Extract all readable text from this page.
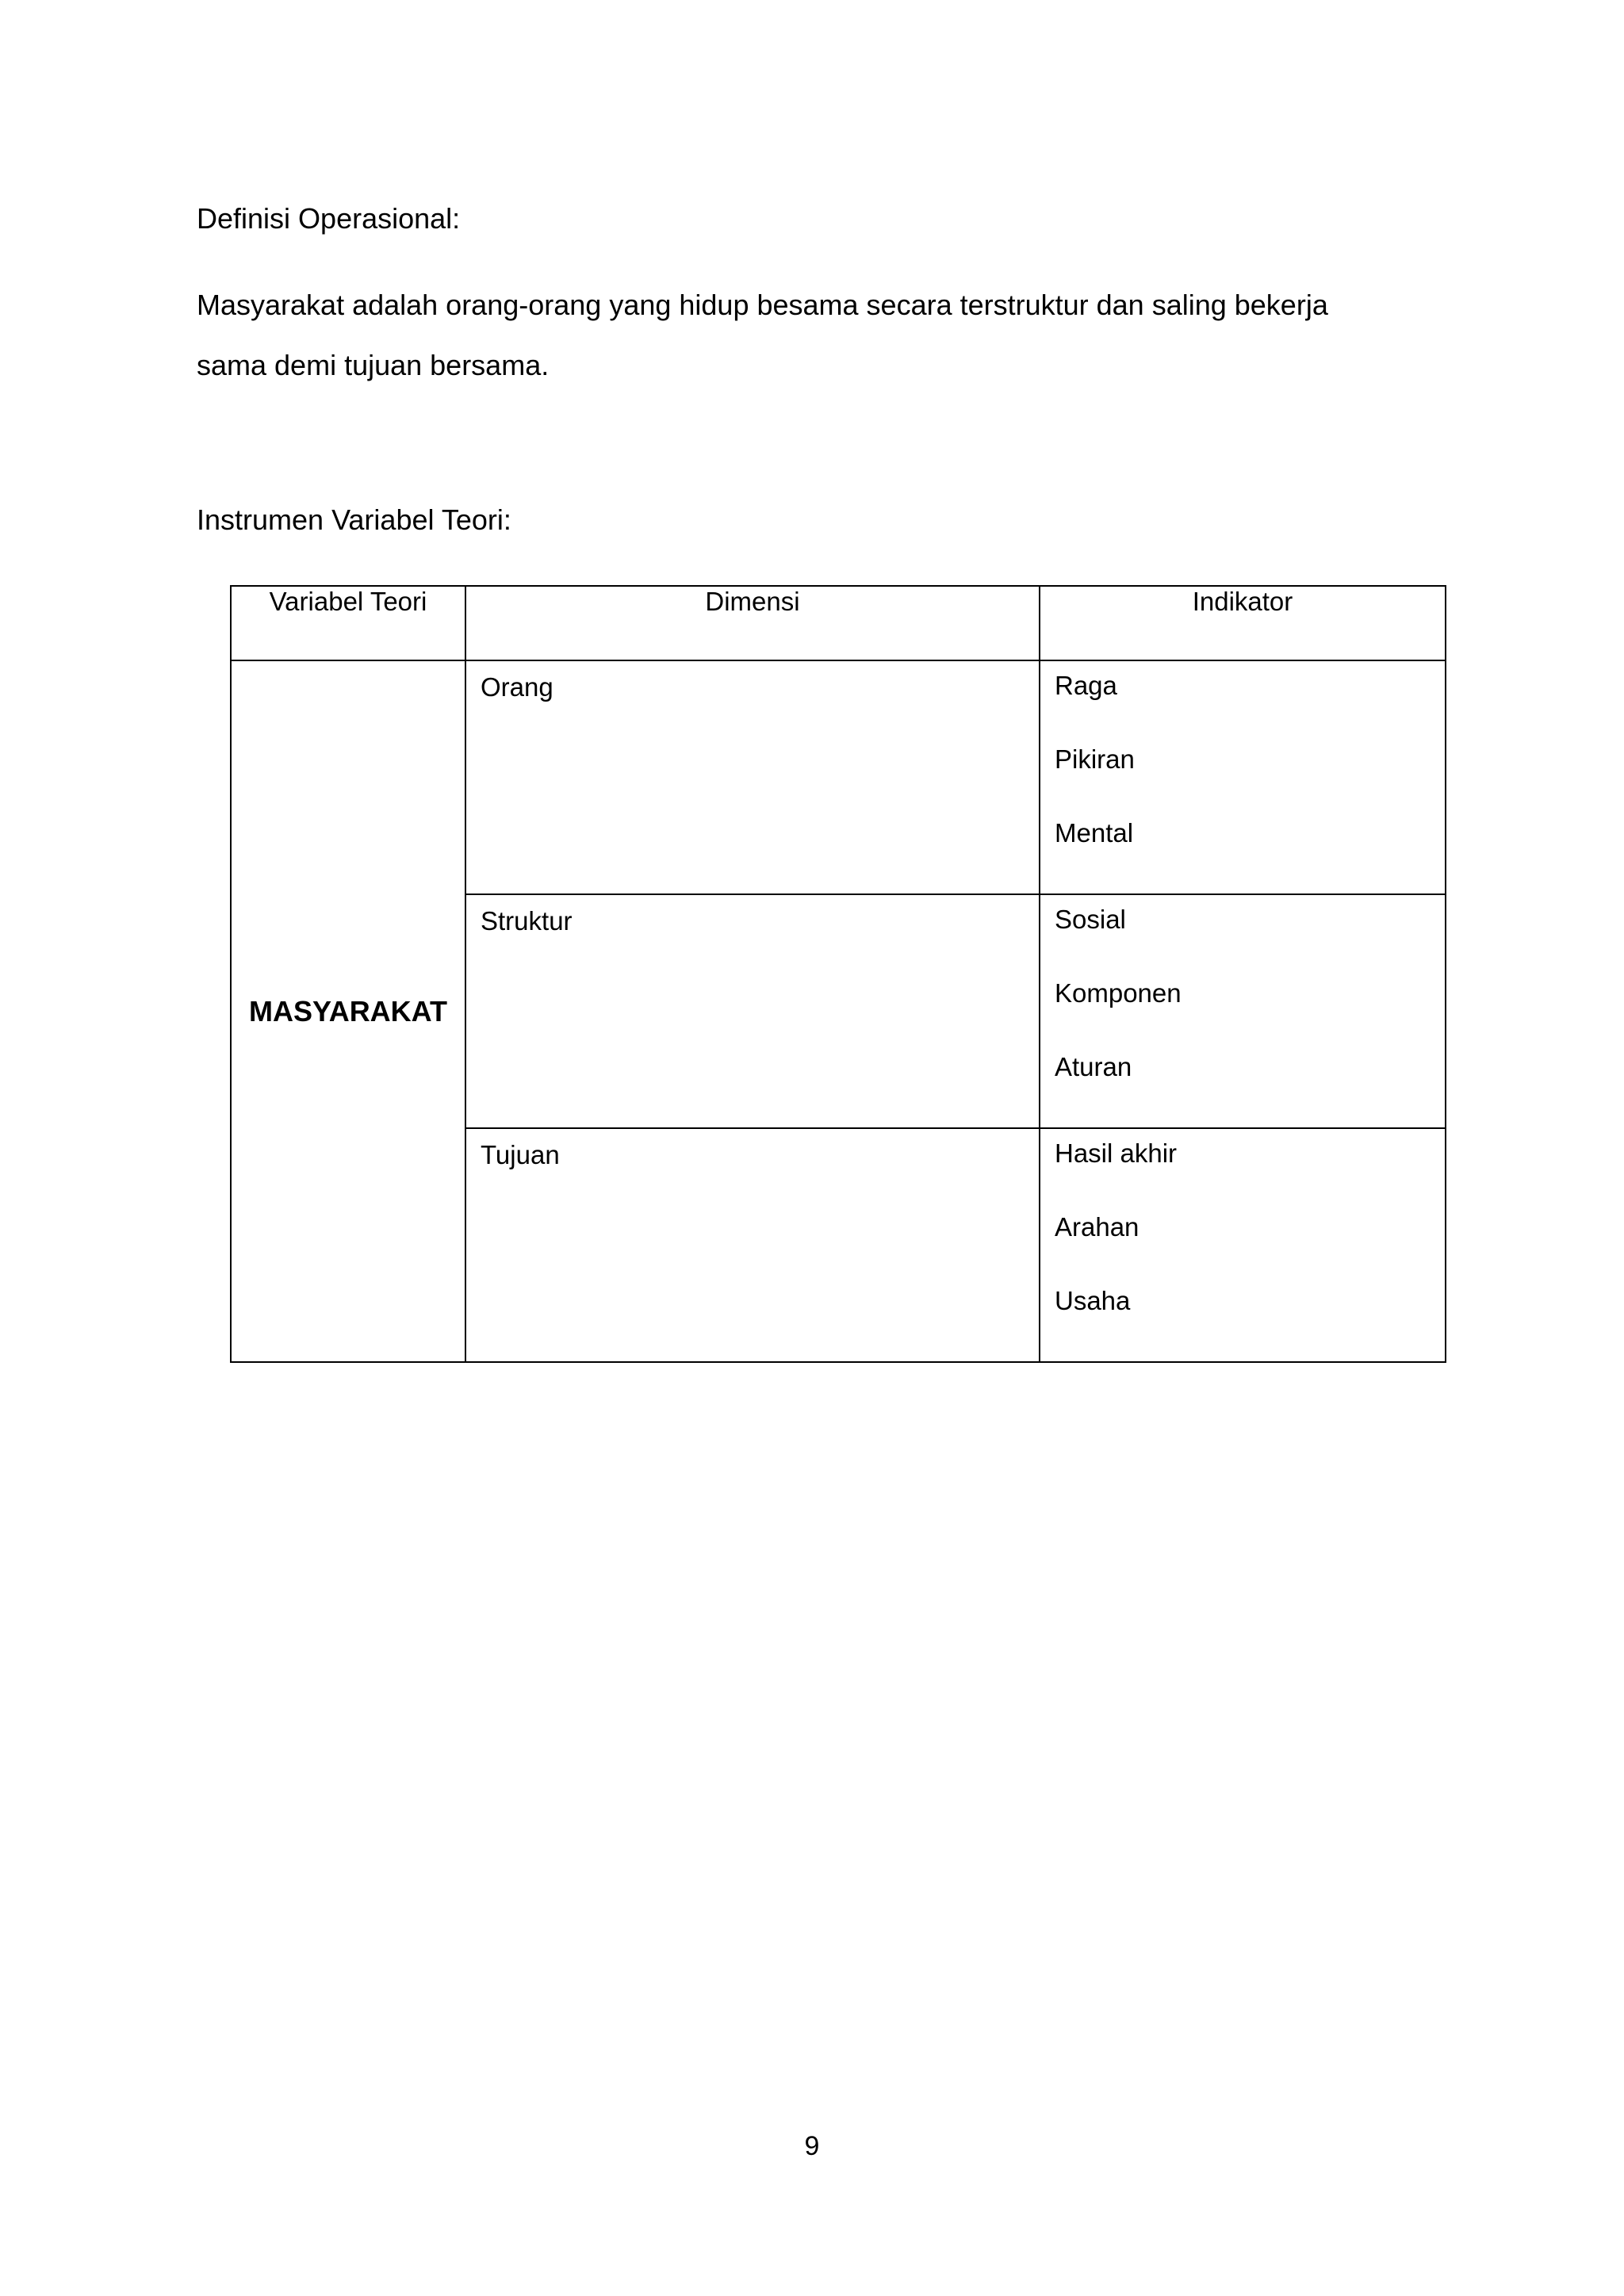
Definisi Operasional:
Masyarakat adalah orang-orang yang hidup besama secara terstruktur dan saling bekerja
sama demi tujuan bersama.
Instrumen Variabel Teori:
Variabel Teori	Dimensi	Indikator
MASYARAKAT	Orang	Raga
Pikiran
Mental

	Struktur	Sosial
Komponen
Aturan

	Tujuan	Hasil akhir
Arahan
Usaha
9
